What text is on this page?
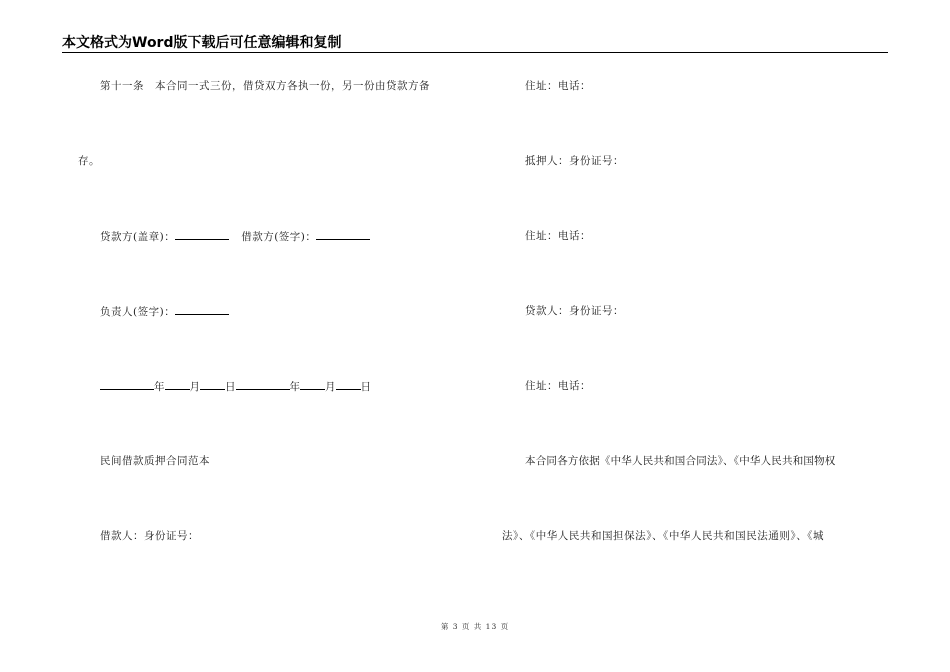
本文格式为Word版下载后可任意编辑和复制
第十一条　本合同一式三份，借贷双方各执一份，另一份由贷款方备
存。
贷款方(盖章)：	借款方(签字)：
负责人(签字)：
年 月 日	年 月 日
民间借款质押合同范本
借款人：身份证号：
住址：电话：
抵押人：身份证号：
住址：电话：
贷款人：身份证号：
住址：电话：
本合同各方依据《中华人民共和国合同法》、《中华人民共和国物权
法》、《中华人民共和国担保法》、《中华人民共和国民法通则》、《城
第 3 页 共 13 页
